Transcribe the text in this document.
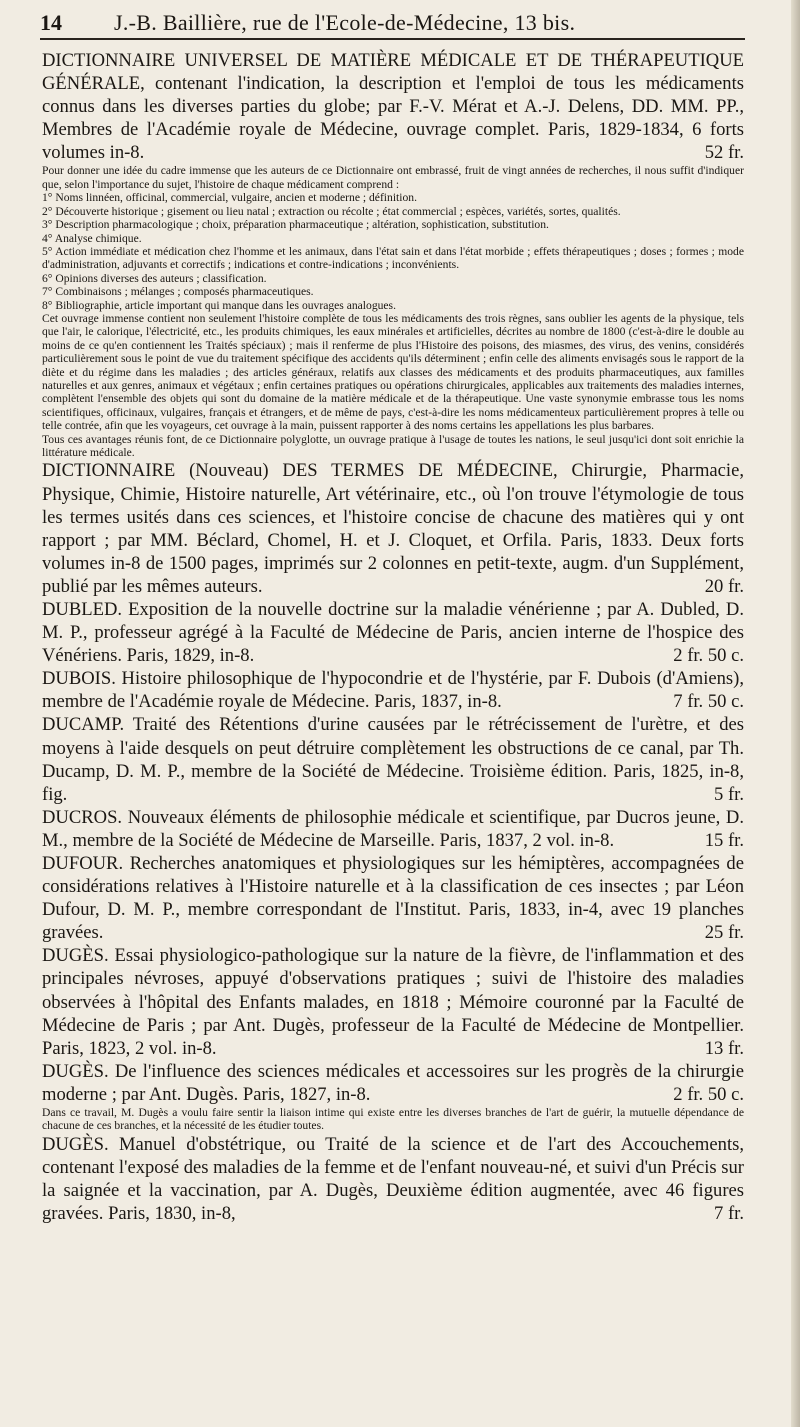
14 J.-B. Baillière, rue de l'Ecole-de-Médecine, 13 bis.

DICTIONNAIRE UNIVERSEL DE MATIÈRE MÉDICALE ET DE THÉRAPEUTIQUE GÉNÉRALE, contenant l'indication, la description et l'emploi de tous les médicaments connus dans les diverses parties du globe; par F.-V. Mérat et A.-J. Delens, DD. MM. PP., Membres de l'Académie royale de Médecine, ouvrage complet. Paris, 1829-1834, 6 forts volumes in-8.	52 fr.

Pour donner une idée du cadre immense que les auteurs de ce Dictionnaire ont embrassé, fruit de vingt années de recherches, il nous suffit d'indiquer que, selon l'importance du sujet, l'histoire de chaque médicament comprend :

1° Noms linnéen, officinal, commercial, vulgaire, ancien et moderne ; définition.

2° Découverte historique ; gisement ou lieu natal ; extraction ou récolte ; état commercial ; espèces, variétés, sortes, qualités.

3° Description pharmacologique ; choix, préparation pharmaceutique ; altération, sophistication, substitution.

4° Analyse chimique.

5° Action immédiate et médication chez l'homme et les animaux, dans l'état sain et dans l'état morbide ; effets thérapeutiques ; doses ; formes ; mode d'administration, adjuvants et correctifs ; indications et contre-indications ; inconvénients.

6° Opinions diverses des auteurs ; classification.

7° Combinaisons ; mélanges ; composés pharmaceutiques.

8° Bibliographie, article important qui manque dans les ouvrages analogues.

Cet ouvrage immense contient non seulement l'histoire complète de tous les médicaments des trois règnes, sans oublier les agents de la physique, tels que l'air, le calorique, l'électricité, etc., les produits chimiques, les eaux minérales et artificielles, décrites au nombre de 1800 (c'est-à-dire le double au moins de ce qu'en contiennent les Traités spéciaux) ; mais il renferme de plus l'Histoire des poisons, des miasmes, des virus, des venins, considérés particulièrement sous le point de vue du traitement spécifique des accidents qu'ils déterminent ; enfin celle des aliments envisagés sous le rapport de la diète et du régime dans les maladies ; des articles généraux, relatifs aux classes des médicaments et des produits pharmaceutiques, aux familles naturelles et aux genres, animaux et végétaux ; enfin certaines pratiques ou opérations chirurgicales, applicables aux traitements des maladies internes, complètent l'ensemble des objets qui sont du domaine de la matière médicale et de la thérapeutique. Une vaste synonymie embrasse tous les noms scientifiques, officinaux, vulgaires, français et étrangers, et de même de pays, c'est-à-dire les noms médicamenteux particulièrement propres à telle ou telle contrée, afin que les voyageurs, cet ouvrage à la main, puissent rapporter à des noms certains les appellations les plus barbares.

Tous ces avantages réunis font, de ce Dictionnaire polyglotte, un ouvrage pratique à l'usage de toutes les nations, le seul jusqu'ici dont soit enrichie la littérature médicale.

DICTIONNAIRE (Nouveau) DES TERMES DE MÉDECINE, Chirurgie, Pharmacie, Physique, Chimie, Histoire naturelle, Art vétérinaire, etc., où l'on trouve l'étymologie de tous les termes usités dans ces sciences, et l'histoire concise de chacune des matières qui y ont rapport ; par MM. Béclard, Chomel, H. et J. Cloquet, et Orfila. Paris, 1833. Deux forts volumes in-8 de 1500 pages, imprimés sur 2 colonnes en petit-texte, augm. d'un Supplément, publié par les mêmes auteurs.	20 fr.

DUBLED. Exposition de la nouvelle doctrine sur la maladie vénérienne ; par A. Dubled, D. M. P., professeur agrégé à la Faculté de Médecine de Paris, ancien interne de l'hospice des Vénériens. Paris, 1829, in-8.	2 fr. 50 c.

DUBOIS. Histoire philosophique de l'hypocondrie et de l'hystérie, par F. Dubois (d'Amiens), membre de l'Académie royale de Médecine. Paris, 1837, in-8.	7 fr. 50 c.

DUCAMP. Traité des Rétentions d'urine causées par le rétrécissement de l'urètre, et des moyens à l'aide desquels on peut détruire complètement les obstructions de ce canal, par Th. Ducamp, D. M. P., membre de la Société de Médecine. Troisième édition. Paris, 1825, in-8, fig.	5 fr.

DUCROS. Nouveaux éléments de philosophie médicale et scientifique, par Ducros jeune, D. M., membre de la Société de Médecine de Marseille. Paris, 1837, 2 vol. in-8.	15 fr.

DUFOUR. Recherches anatomiques et physiologiques sur les hémiptères, accompagnées de considérations relatives à l'Histoire naturelle et à la classification de ces insectes ; par Léon Dufour, D. M. P., membre correspondant de l'Institut. Paris, 1833, in-4, avec 19 planches gravées.	25 fr.

DUGÈS. Essai physiologico-pathologique sur la nature de la fièvre, de l'inflammation et des principales névroses, appuyé d'observations pratiques ; suivi de l'histoire des maladies observées à l'hôpital des Enfants malades, en 1818 ; Mémoire couronné par la Faculté de Médecine de Paris ; par Ant. Dugès, professeur de la Faculté de Médecine de Montpellier. Paris, 1823, 2 vol. in-8.	13 fr.

DUGÈS. De l'influence des sciences médicales et accessoires sur les progrès de la chirurgie moderne ; par Ant. Dugès. Paris, 1827, in-8.	2 fr. 50 c.

Dans ce travail, M. Dugès a voulu faire sentir la liaison intime qui existe entre les diverses branches de l'art de guérir, la mutuelle dépendance de chacune de ces branches, et la nécessité de les étudier toutes.

DUGÈS. Manuel d'obstétrique, ou Traité de la science et de l'art des Accouchements, contenant l'exposé des maladies de la femme et de l'enfant nouveau-né, et suivi d'un Précis sur la saignée et la vaccination, par A. Dugès, Deuxième édition augmentée, avec 46 figures gravées. Paris, 1830, in-8,	7 fr.
